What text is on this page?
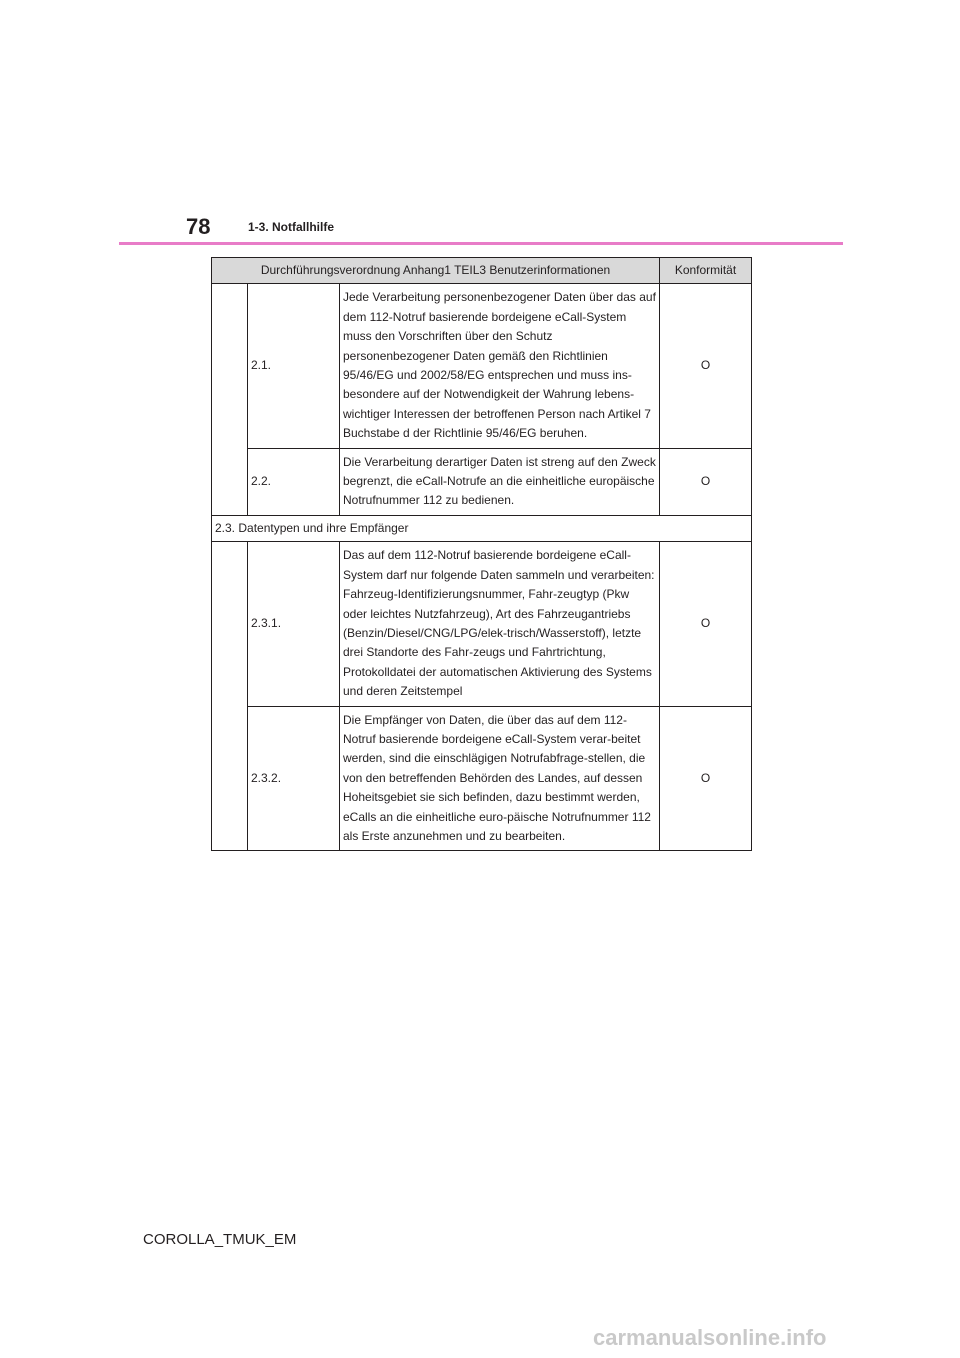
78	1-3. Notfallhilfe
Durchführungsverordnung Anhang1 TEIL3 Benutzerinformationen			Konformität
	2.1.	Jede Verarbeitung personenbezogener Daten über das auf dem 112-Notruf basierende bordeigene eCall-System muss den Vorschriften über den Schutz personenbezogener Daten gemäß den Richtlinien 95/46/EG und 2002/58/EG entsprechen und muss ins-besondere auf der Notwendigkeit der Wahrung lebens-wichtiger Interessen der betroffenen Person nach Artikel 7 Buchstabe d der Richtlinie 95/46/EG beruhen.	O
	2.2.	Die Verarbeitung derartiger Daten ist streng auf den Zweck begrenzt, die eCall-Notrufe an die einheitliche europäische Notrufnummer 112 zu bedienen.	O
2.3. Datentypen und ihre Empfänger			
	2.3.1.	Das auf dem 112-Notruf basierende bordeigene eCall-System darf nur folgende Daten sammeln und verarbeiten: Fahrzeug-Identifizierungsnummer, Fahr-zeugtyp (Pkw oder leichtes Nutzfahrzeug), Art des Fahrzeugantriebs (Benzin/Diesel/CNG/LPG/elek-trisch/Wasserstoff), letzte drei Standorte des Fahr-zeugs und Fahrtrichtung, Protokolldatei der automatischen Aktivierung des Systems und deren Zeitstempel	O
	2.3.2.	Die Empfänger von Daten, die über das auf dem 112-Notruf basierende bordeigene eCall-System verar-beitet werden, sind die einschlägigen Notrufabfrage-stellen, die von den betreffenden Behörden des Landes, auf dessen Hoheitsgebiet sie sich befinden, dazu bestimmt werden, eCalls an die einheitliche euro-päische Notrufnummer 112 als Erste anzunehmen und zu bearbeiten.	O
COROLLA_TMUK_EM
carmanualsonline.info
